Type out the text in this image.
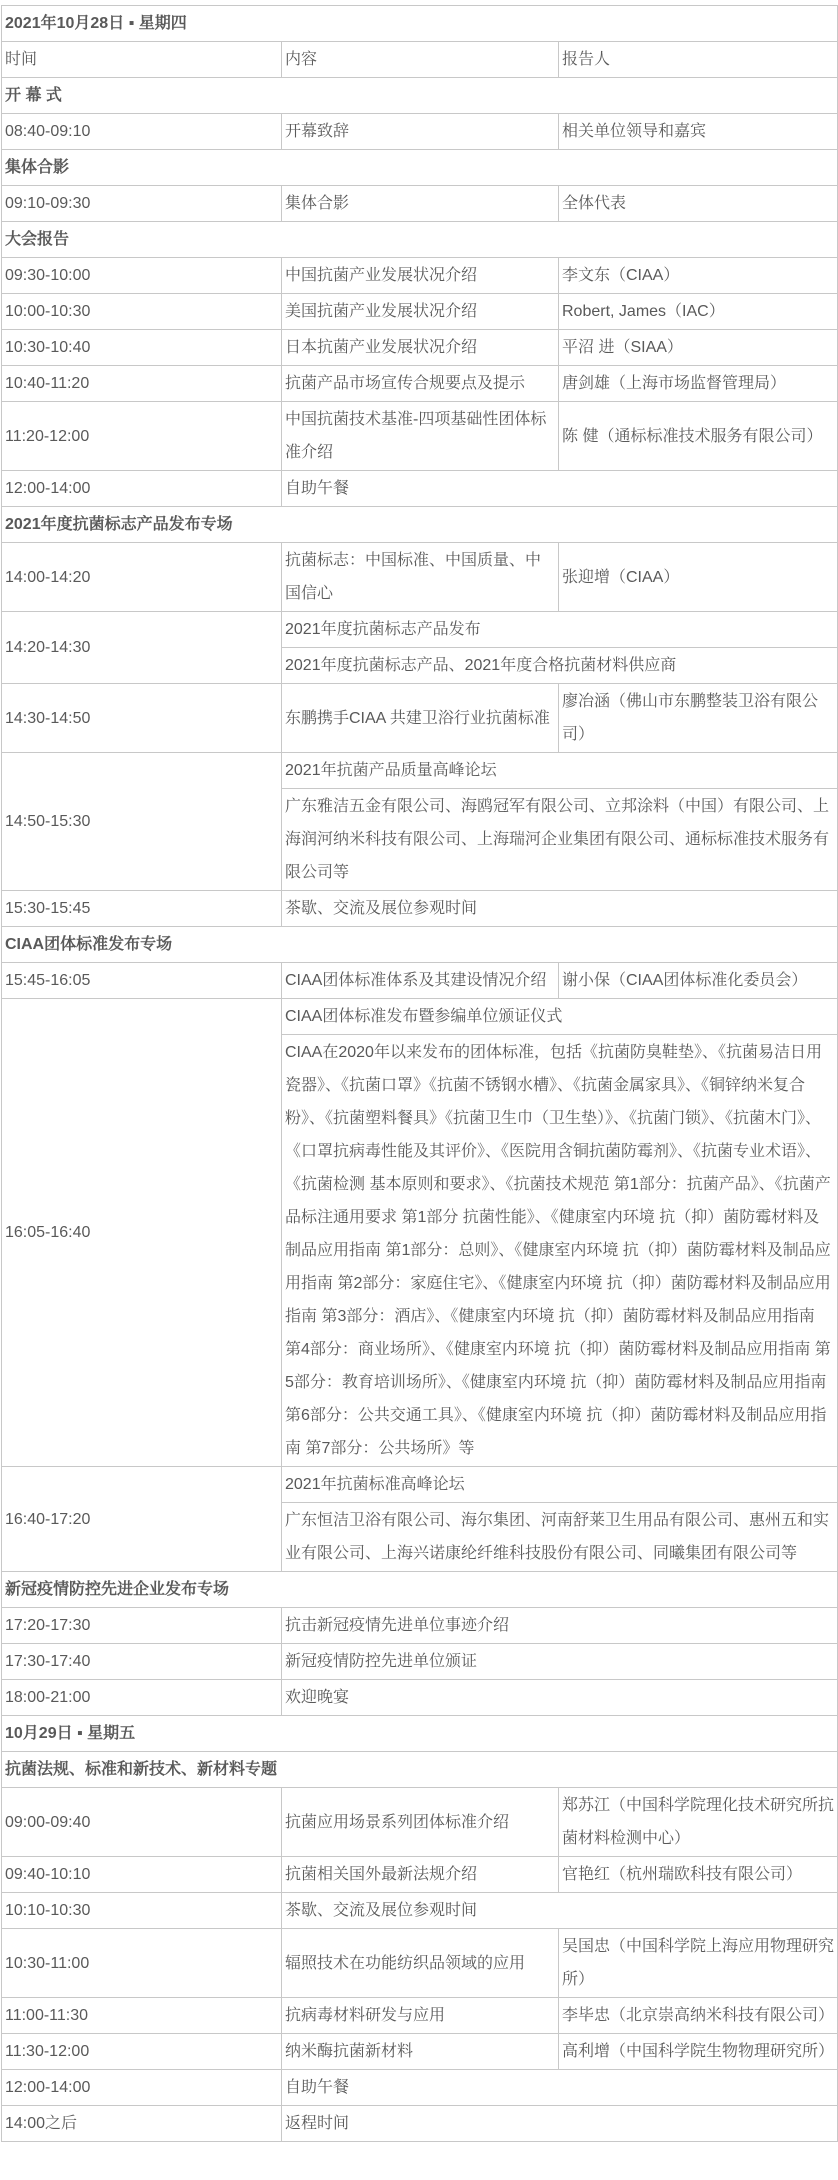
2021年10月28日 ▪ 星期四		
时间	内容	报告人
开 幕 式		
08:40-09:10	开幕致辞	相关单位领导和嘉宾
集体合影		
09:10-09:30	集体合影	全体代表
大会报告		
09:30-10:00	中国抗菌产业发展状况介绍	李文东（CIAA）
10:00-10:30	美国抗菌产业发展状况介绍	Robert, James（IAC）
10:30-10:40	日本抗菌产业发展状况介绍	平沼 进（SIAA）
10:40-11:20	抗菌产品市场宣传合规要点及提示	唐剑雄（上海市场监督管理局）
11:20-12:00	中国抗菌技术基准-四项基础性团体标准介绍	陈 健（通标标准技术服务有限公司）
12:00-14:00	自助午餐	
2021年度抗菌标志产品发布专场		
14:00-14:20	抗菌标志：中国标准、中国质量、中国信心	张迎增（CIAA）
14:20-14:30	2021年度抗菌标志产品发布	
	2021年度抗菌标志产品、2021年度合格抗菌材料供应商	
14:30-14:50	东鹏携手CIAA 共建卫浴行业抗菌标准	廖冶涵（佛山市东鹏整装卫浴有限公司）
14:50-15:30	2021年抗菌产品质量高峰论坛	
	广东雅洁五金有限公司、海鸥冠军有限公司、立邦涂料（中国）有限公司、上海润河纳米科技有限公司、上海瑞河企业集团有限公司、通标标准技术服务有限公司等	
15:30-15:45	茶歇、交流及展位参观时间	
CIAA团体标准发布专场		
15:45-16:05	CIAA团体标准体系及其建设情况介绍	谢小保（CIAA团体标准化委员会）
16:05-16:40	CIAA团体标准发布暨参编单位颁证仪式	
	CIAA在2020年以来发布的团体标准，包括《抗菌防臭鞋垫》、《抗菌易洁日用瓷器》、《抗菌口罩》《抗菌不锈钢水槽》、《抗菌金属家具》、《铜锌纳米复合粉》、《抗菌塑料餐具》《抗菌卫生巾（卫生垫）》、《抗菌门锁》、《抗菌木门》、《口罩抗病毒性能及其评价》、《医院用含铜抗菌防霉剂》、《抗菌专业术语》、《抗菌检测 基本原则和要求》、《抗菌技术规范 第1部分：抗菌产品》、《抗菌产品标注通用要求 第1部分 抗菌性能》、《健康室内环境 抗（抑）菌防霉材料及制品应用指南 第1部分：总则》、《健康室内环境 抗（抑）菌防霉材料及制品应用指南 第2部分：家庭住宅》、《健康室内环境 抗（抑）菌防霉材料及制品应用指南 第3部分：酒店》、《健康室内环境 抗（抑）菌防霉材料及制品应用指南 第4部分：商业场所》、《健康室内环境 抗（抑）菌防霉材料及制品应用指南 第5部分：教育培训场所》、《健康室内环境 抗（抑）菌防霉材料及制品应用指南 第6部分：公共交通工具》、《健康室内环境 抗（抑）菌防霉材料及制品应用指南 第7部分：公共场所》等	
16:40-17:20	2021年抗菌标准高峰论坛	
	广东恒洁卫浴有限公司、海尔集团、河南舒莱卫生用品有限公司、惠州五和实业有限公司、上海兴诺康纶纤维科技股份有限公司、同曦集团有限公司等	
新冠疫情防控先进企业发布专场		
17:20-17:30	抗击新冠疫情先进单位事迹介绍	
17:30-17:40	新冠疫情防控先进单位颁证	
18:00-21:00	欢迎晚宴	
10月29日 ▪ 星期五		
抗菌法规、标准和新技术、新材料专题		
09:00-09:40	抗菌应用场景系列团体标准介绍	郑苏江（中国科学院理化技术研究所抗菌材料检测中心）
09:40-10:10	抗菌相关国外最新法规介绍	官艳红（杭州瑞欧科技有限公司）
10:10-10:30	茶歇、交流及展位参观时间	
10:30-11:00	辐照技术在功能纺织品领域的应用	吴国忠（中国科学院上海应用物理研究所）
11:00-11:30	抗病毒材料研发与应用	李毕忠（北京崇高纳米科技有限公司）
11:30-12:00	纳米酶抗菌新材料	高利增（中国科学院生物物理研究所）
12:00-14:00	自助午餐	
14:00之后	返程时间	
